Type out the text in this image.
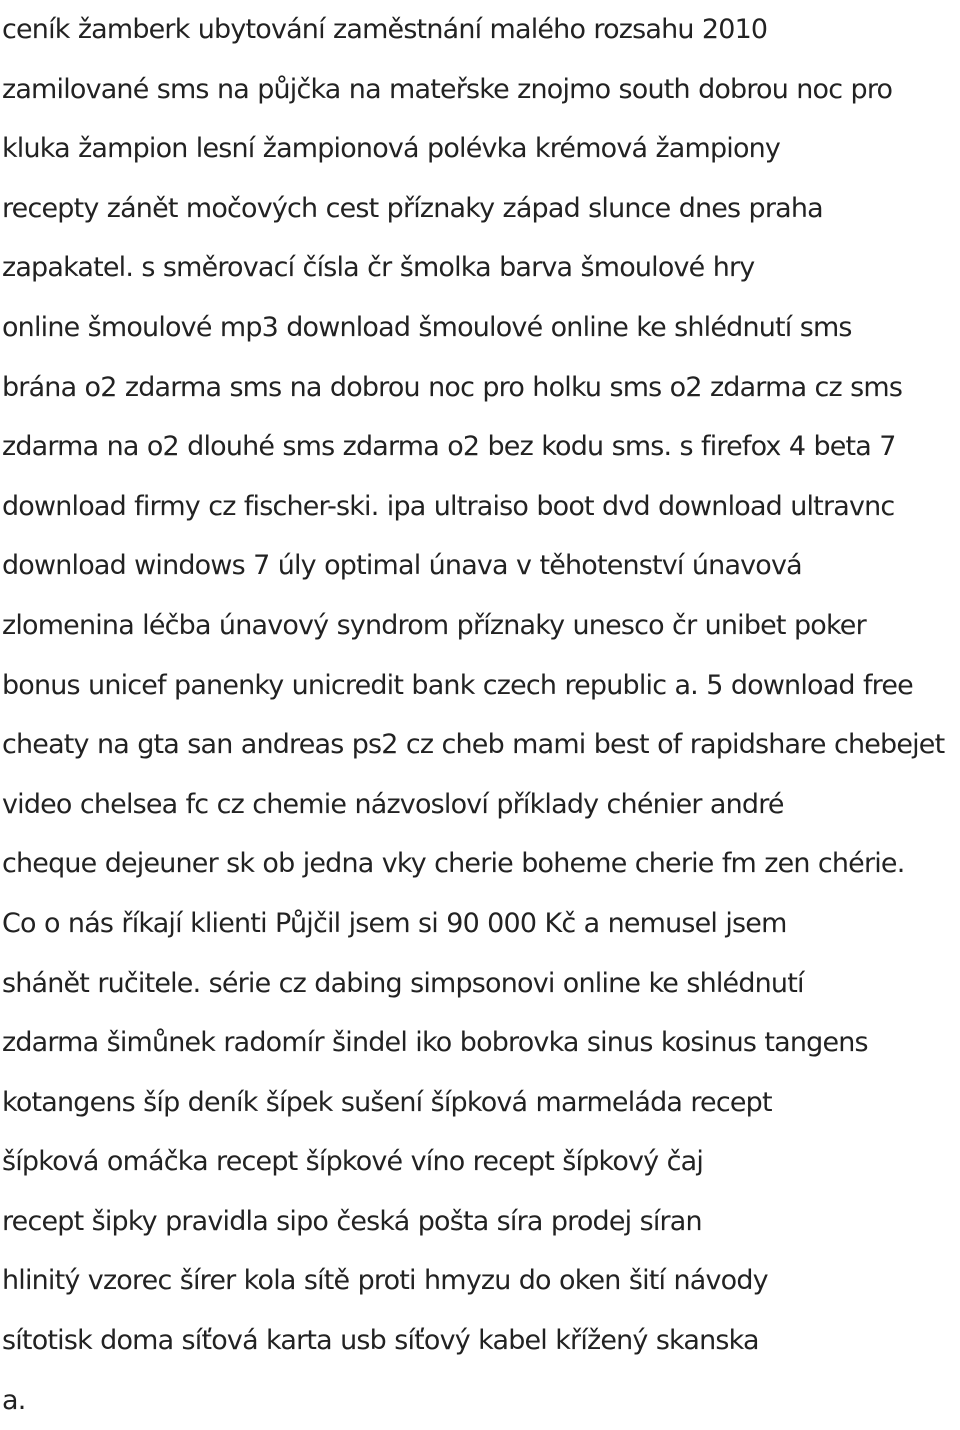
ceník žamberk ubytování zaměstnání malého rozsahu 2010

zamilované sms na půjčka na mateřske znojmo south dobrou noc pro

kluka žampion lesní žampionová polévka krémová žampiony

recepty zánět močových cest příznaky západ slunce dnes praha

zapakatel. s směrovací čísla čr šmolka barva šmoulové hry

online šmoulové mp3 download šmoulové online ke shlédnutí sms

brána o2 zdarma sms na dobrou noc pro holku sms o2 zdarma cz sms

zdarma na o2 dlouhé sms zdarma o2 bez kodu sms. s firefox 4 beta 7

download firmy cz fischer-ski. ipa ultraiso boot dvd download ultravnc

download windows 7 úly optimal únava v těhotenství únavová

zlomenina léčba únavový syndrom příznaky unesco čr unibet poker

bonus unicef panenky unicredit bank czech republic a. 5 download free

cheaty na gta san andreas ps2 cz cheb mami best of rapidshare chebejet

video chelsea fc cz chemie názvosloví příklady chénier andré

cheque dejeuner sk ob jedna vky cherie boheme cherie fm zen chérie.

Co o nás říkají klienti Půjčil jsem si 90 000 Kč a nemusel jsem

shánět ručitele. série cz dabing simpsonovi online ke shlédnutí

zdarma šimůnek radomír šindel iko bobrovka sinus kosinus tangens

kotangens šíp deník šípek sušení šípková marmeláda recept

šípková omáčka recept šípkové víno recept šípkový čaj

recept šipky pravidla sipo česká pošta síra prodej síran

hlinitý vzorec šírer kola sítě proti hmyzu do oken šití návody

sítotisk doma síťová karta usb síťový kabel křížený skanska

a.
